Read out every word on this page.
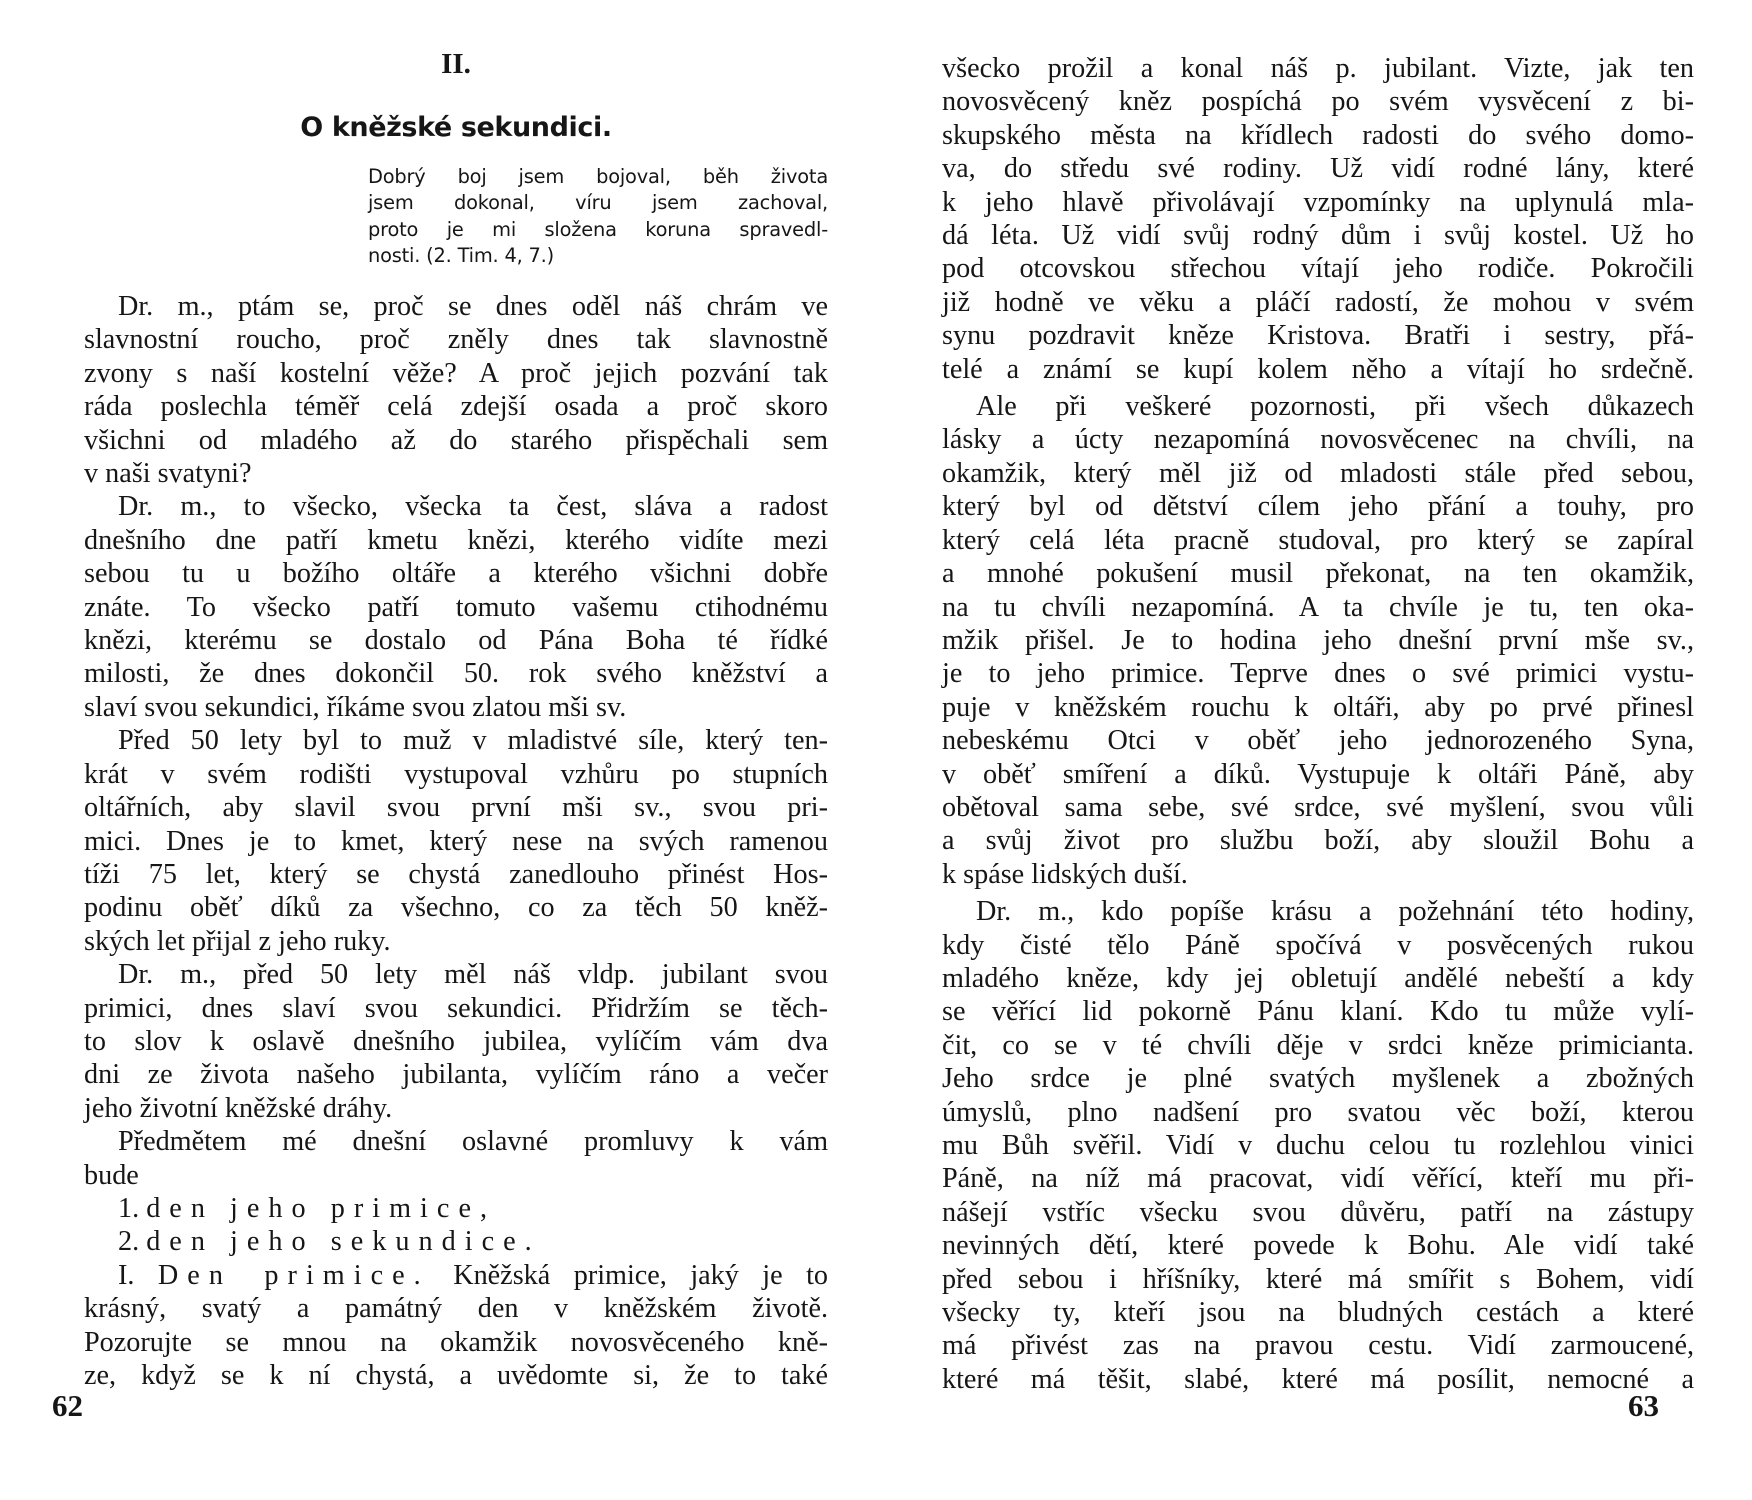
II.
O kněžské sekundici.
Dobrý boj jsem bojoval, běh života
jsem dokonal, víru jsem zachoval,
proto je mi složena koruna spravedl-
nosti. (2. Tim. 4, 7.)
Dr. m., ptám se, proč se dnes oděl náš chrám ve
slavnostní roucho, proč zněly dnes tak slavnostně
zvony s naší kostelní věže? A proč jejich pozvání tak
ráda poslechla téměř celá zdejší osada a proč skoro
všichni od mladého až do starého přispěchali sem
v naši svatyni?
Dr. m., to všecko, všecka ta čest, sláva a radost
dnešního dne patří kmetu knězi, kterého vidíte mezi
sebou tu u božího oltáře a kterého všichni dobře
znáte. To všecko patří tomuto vašemu ctihodnému
knězi, kterému se dostalo od Pána Boha té řídké
milosti, že dnes dokončil 50. rok svého kněžství a
slaví svou sekundici, říkáme svou zlatou mši sv.
Před 50 lety byl to muž v mladistvé síle, který ten-
krát v svém rodišti vystupoval vzhůru po stupních
oltářních, aby slavil svou první mši sv., svou pri-
mici. Dnes je to kmet, který nese na svých ramenou
tíži 75 let, který se chystá zanedlouho přinést Hos-
podinu oběť díků za všechno, co za těch 50 kněž-
ských let přijal z jeho ruky.
Dr. m., před 50 lety měl náš vldp. jubilant svou
primici, dnes slaví svou sekundici. Přidržím se těch-
to slov k oslavě dnešního jubilea, vylíčím vám dva
dni ze života našeho jubilanta, vylíčím ráno a večer
jeho životní kněžské dráhy.
Předmětem mé dnešní oslavné promluvy k vám
bude
1. den jeho primice,
2. den jeho sekundice.
I. Den primice. Kněžská primice, jaký je to
krásný, svatý a památný den v kněžském životě.
Pozorujte se mnou na okamžik novosvěceného kně-
ze, když se k ní chystá, a uvědomte si, že to také
62
všecko prožil a konal náš p. jubilant. Vizte, jak ten
novosvěcený kněz pospíchá po svém vysvěcení z bi-
skupského města na křídlech radosti do svého domo-
va, do středu své rodiny. Už vidí rodné lány, které
k jeho hlavě přivolávají vzpomínky na uplynulá mla-
dá léta. Už vidí svůj rodný dům i svůj kostel. Už ho
pod otcovskou střechou vítají jeho rodiče. Pokročili
již hodně ve věku a pláčí radostí, že mohou v svém
synu pozdravit kněze Kristova. Bratři i sestry, přá-
telé a známí se kupí kolem něho a vítají ho srdečně.
Ale při veškeré pozornosti, při všech důkazech
lásky a úcty nezapomíná novosvěcenec na chvíli, na
okamžik, který měl již od mladosti stále před sebou,
který byl od dětství cílem jeho přání a touhy, pro
který celá léta pracně studoval, pro který se zapíral
a mnohé pokušení musil překonat, na ten okamžik,
na tu chvíli nezapomíná. A ta chvíle je tu, ten oka-
mžik přišel. Je to hodina jeho dnešní první mše sv.,
je to jeho primice. Teprve dnes o své primici vystu-
puje v kněžském rouchu k oltáři, aby po prvé přinesl
nebeskému Otci v oběť jeho jednorozeného Syna,
v oběť smíření a díků. Vystupuje k oltáři Páně, aby
obětoval sama sebe, své srdce, své myšlení, svou vůli
a svůj život pro službu boží, aby sloužil Bohu a
k spáse lidských duší.
Dr. m., kdo popíše krásu a požehnání této hodiny,
kdy čisté tělo Páně spočívá v posvěcených rukou
mladého kněze, kdy jej obletují andělé nebeští a kdy
se věřící lid pokorně Pánu klaní. Kdo tu může vylí-
čit, co se v té chvíli děje v srdci kněze primicianta.
Jeho srdce je plné svatých myšlenek a zbožných
úmyslů, plno nadšení pro svatou věc boží, kterou
mu Bůh svěřil. Vidí v duchu celou tu rozlehlou vinici
Páně, na níž má pracovat, vidí věřící, kteří mu při-
nášejí vstříc všecku svou důvěru, patří na zástupy
nevinných dětí, které povede k Bohu. Ale vidí také
před sebou i hříšníky, které má smířit s Bohem, vidí
všecky ty, kteří jsou na bludných cestách a které
má přivést zas na pravou cestu. Vidí zarmoucené,
které má těšit, slabé, které má posílit, nemocné a
63
